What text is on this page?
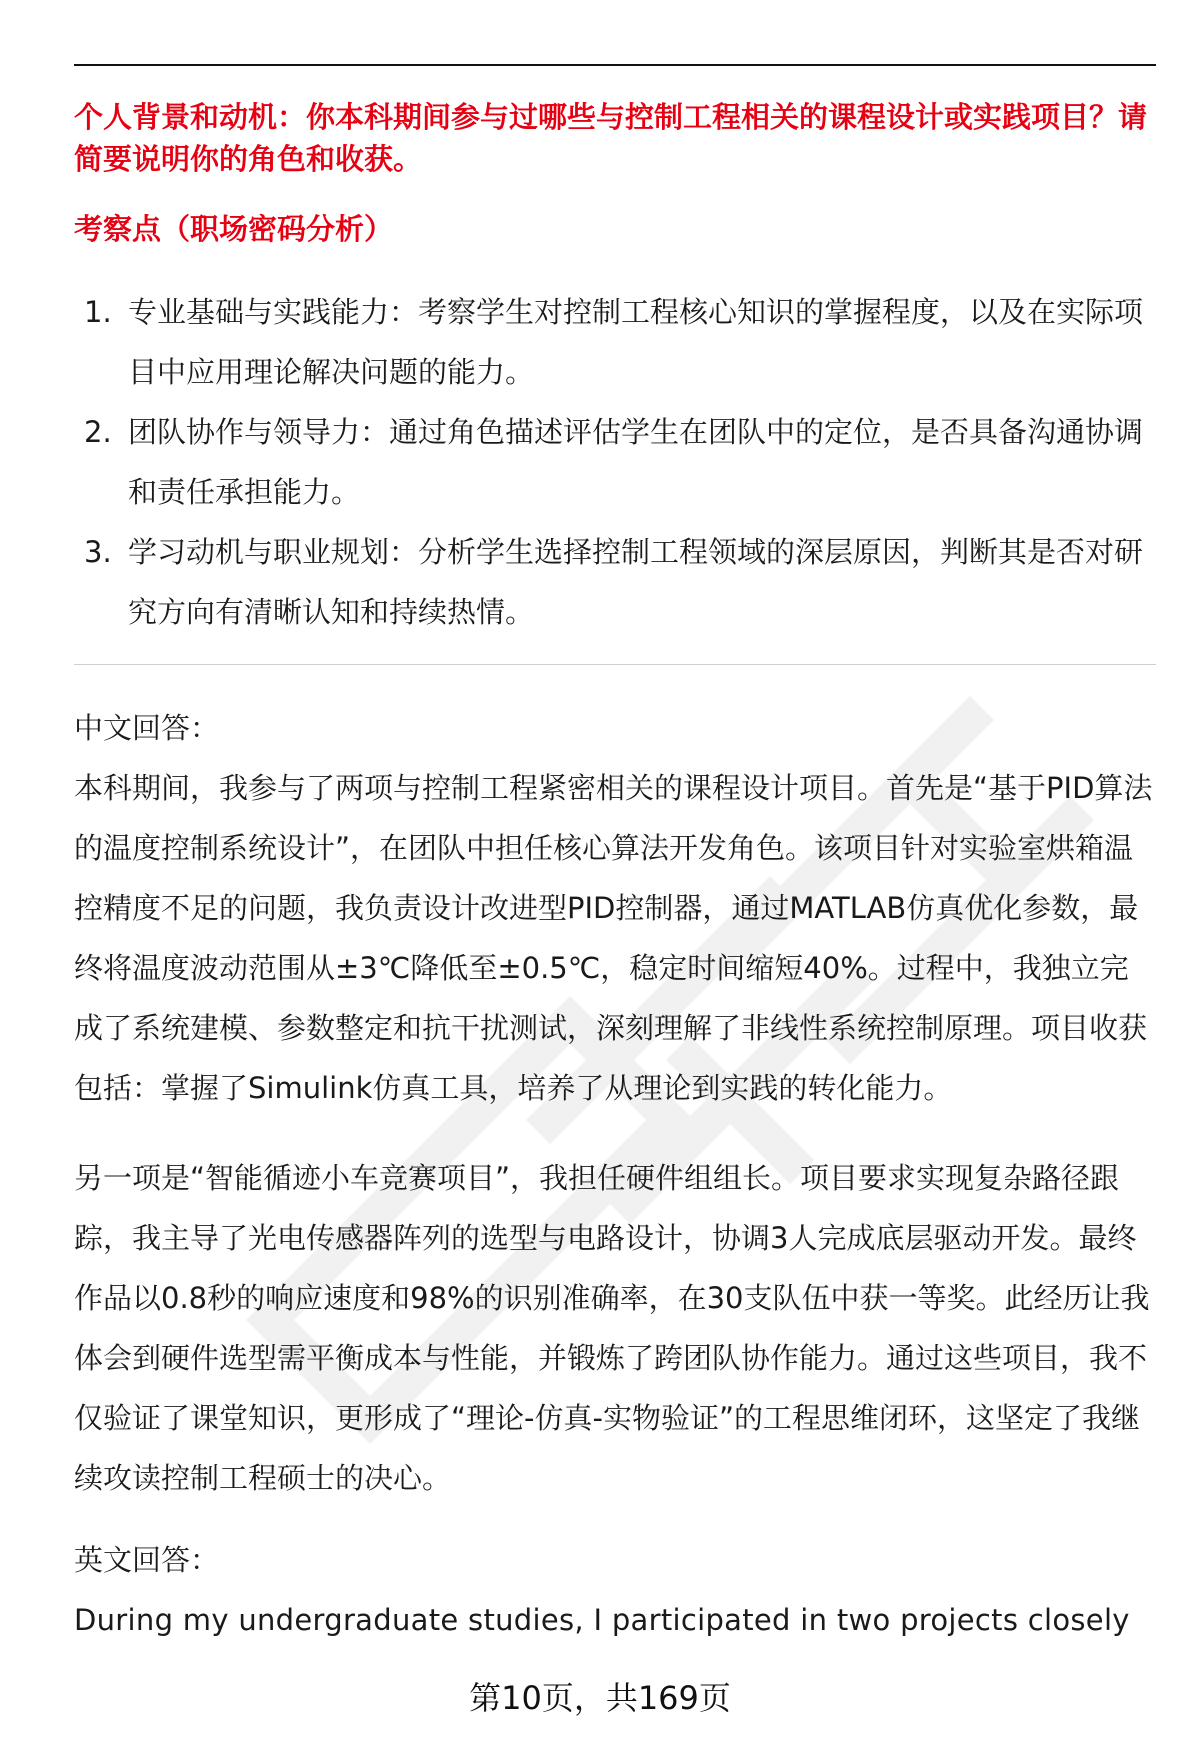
个人背景和动机：你本科期间参与过哪些与控制工程相关的课程设计或实践项目？请简要说明你的角色和收获。

考察点（职场密码分析）

1. 专业基础与实践能力：考察学生对控制工程核心知识的掌握程度，以及在实际项目中应用理论解决问题的能力。
2. 团队协作与领导力：通过角色描述评估学生在团队中的定位，是否具备沟通协调和责任承担能力。
3. 学习动机与职业规划：分析学生选择控制工程领域的深层原因，判断其是否对研究方向有清晰认知和持续热情。

中文回答：

本科期间，我参与了两项与控制工程紧密相关的课程设计项目。首先是“基于PID算法的温度控制系统设计”，在团队中担任核心算法开发角色。该项目针对实验室烘箱温控精度不足的问题，我负责设计改进型PID控制器，通过MATLAB仿真优化参数，最终将温度波动范围从±3℃降低至±0.5℃，稳定时间缩短40%。过程中，我独立完成了系统建模、参数整定和抗干扰测试，深刻理解了非线性系统控制原理。项目收获包括：掌握了Simulink仿真工具，培养了从理论到实践的转化能力。

另一项是“智能循迹小车竞赛项目”，我担任硬件组组长。项目要求实现复杂路径跟踪，我主导了光电传感器阵列的选型与电路设计，协调3人完成底层驱动开发。最终作品以0.8秒的响应速度和98%的识别准确率，在30支队伍中获一等奖。此经历让我体会到硬件选型需平衡成本与性能，并锻炼了跨团队协作能力。通过这些项目，我不仅验证了课堂知识，更形成了“理论-仿真-实物验证”的工程思维闭环，这坚定了我继续攻读控制工程硕士的决心。

英文回答：

During my undergraduate studies, I participated in two projects closely

第10页，共169页
